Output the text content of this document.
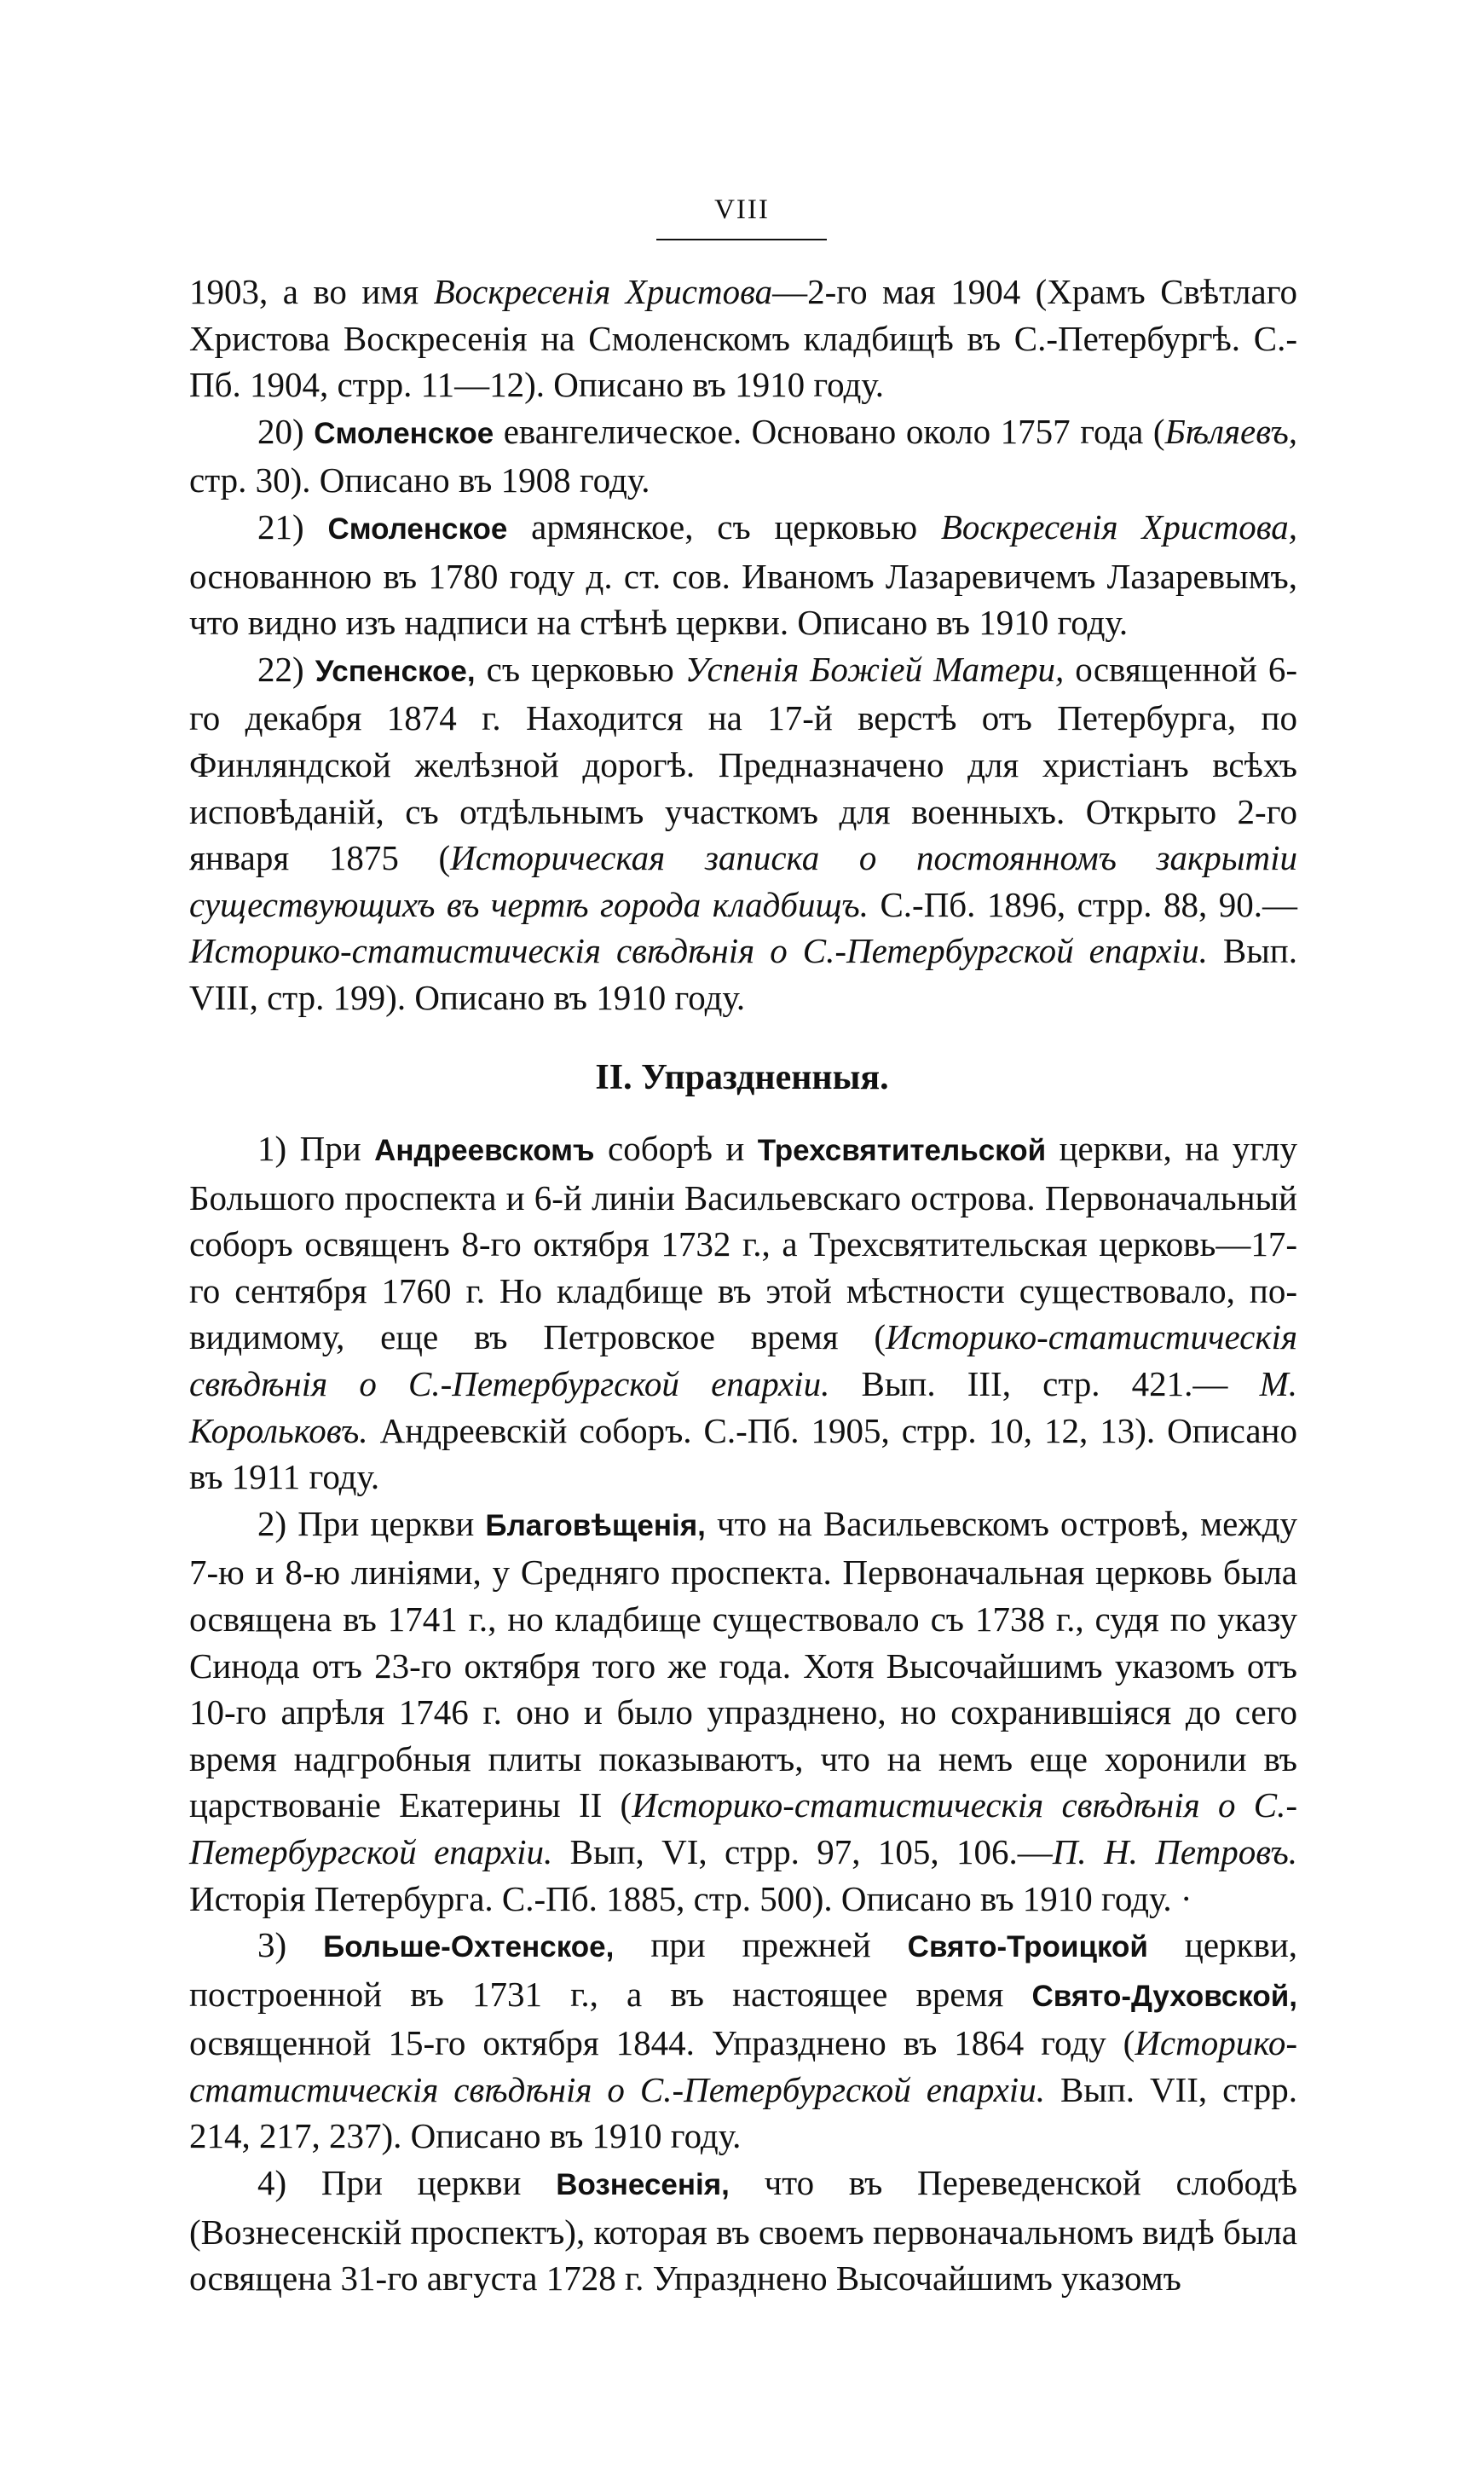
VIII

1903, а во имя Воскресенія Христова—2-го мая 1904 (Храмъ Свѣтлаго Христова Воскресенія на Смоленскомъ кладбищѣ въ С.-Петербургѣ. С.-Пб. 1904, стрр. 11—12). Описано въ 1910 году.

20) Смоленское евангелическое. Основано около 1757 года (Бѣляевъ, стр. 30). Описано въ 1908 году.

21) Смоленское армянское, съ церковью Воскресенія Христова, основанною въ 1780 году д. ст. сов. Иваномъ Лазаревичемъ Лазаревымъ, что видно изъ надписи на стѣнѣ церкви. Описано въ 1910 году.

22) Успенское, съ церковью Успенія Божіей Матери, освященной 6-го декабря 1874 г. Находится на 17-й верстѣ отъ Петербурга, по Финляндской желѣзной дорогѣ. Предназначено для христіанъ всѣхъ исповѣданій, съ отдѣльнымъ участкомъ для военныхъ. Открыто 2-го января 1875 (Историческая записка о постоянномъ закрытіи существующихъ въ чертѣ города кладбищъ. С.-Пб. 1896, стрр. 88, 90.— Историко-статистическія свѣдѣнія о С.-Петербургской епархіи. Вып. VIII, стр. 199). Описано въ 1910 году.

II. Упраздненныя.

1) При Андреевскомъ соборѣ и Трехсвятительской церкви, на углу Большого проспекта и 6-й линіи Васильевскаго острова. Первоначальный соборъ освященъ 8-го октября 1732 г., а Трехсвятительская церковь—17-го сентября 1760 г. Но кладбище въ этой мѣстности существовало, по-видимому, еще въ Петровское время (Историко-статистическія свѣдѣнія о С.-Петербургской епархіи. Вып. III, стр. 421.— М. Корольковъ. Андреевскій соборъ. С.-Пб. 1905, стрр. 10, 12, 13). Описано въ 1911 году.

2) При церкви Благовѣщенія, что на Васильевскомъ островѣ, между 7-ю и 8-ю линіями, у Средняго проспекта. Первоначальная церковь была освящена въ 1741 г., но кладбище существовало съ 1738 г., судя по указу Синода отъ 23-го октября того же года. Хотя Высочайшимъ указомъ отъ 10-го апрѣля 1746 г. оно и было упразднено, но сохранившіяся до сего время надгробныя плиты показываютъ, что на немъ еще хоронили въ царствованіе Екатерины II (Историко-статистическія свѣдѣнія о С.-Петербургской епархіи. Вып, VI, стрр. 97, 105, 106.—П. Н. Петровъ. Исторія Петербурга. С.-Пб. 1885, стр. 500). Описано въ 1910 году. ·

3) Больше-Охтенское, при прежней Свято-Троицкой церкви, построенной въ 1731 г., а въ настоящее время Свято-Духовской, освященной 15-го октября 1844. Упразднено въ 1864 году (Историко-статистическія свѣдѣнія о С.-Петербургской епархіи. Вып. VII, стрр. 214, 217, 237). Описано въ 1910 году.

4) При церкви Вознесенія, что въ Переведенской слободѣ (Вознесенскій проспектъ), которая въ своемъ первоначальномъ видѣ была освящена 31-го августа 1728 г. Упразднено Высочайшимъ указомъ
